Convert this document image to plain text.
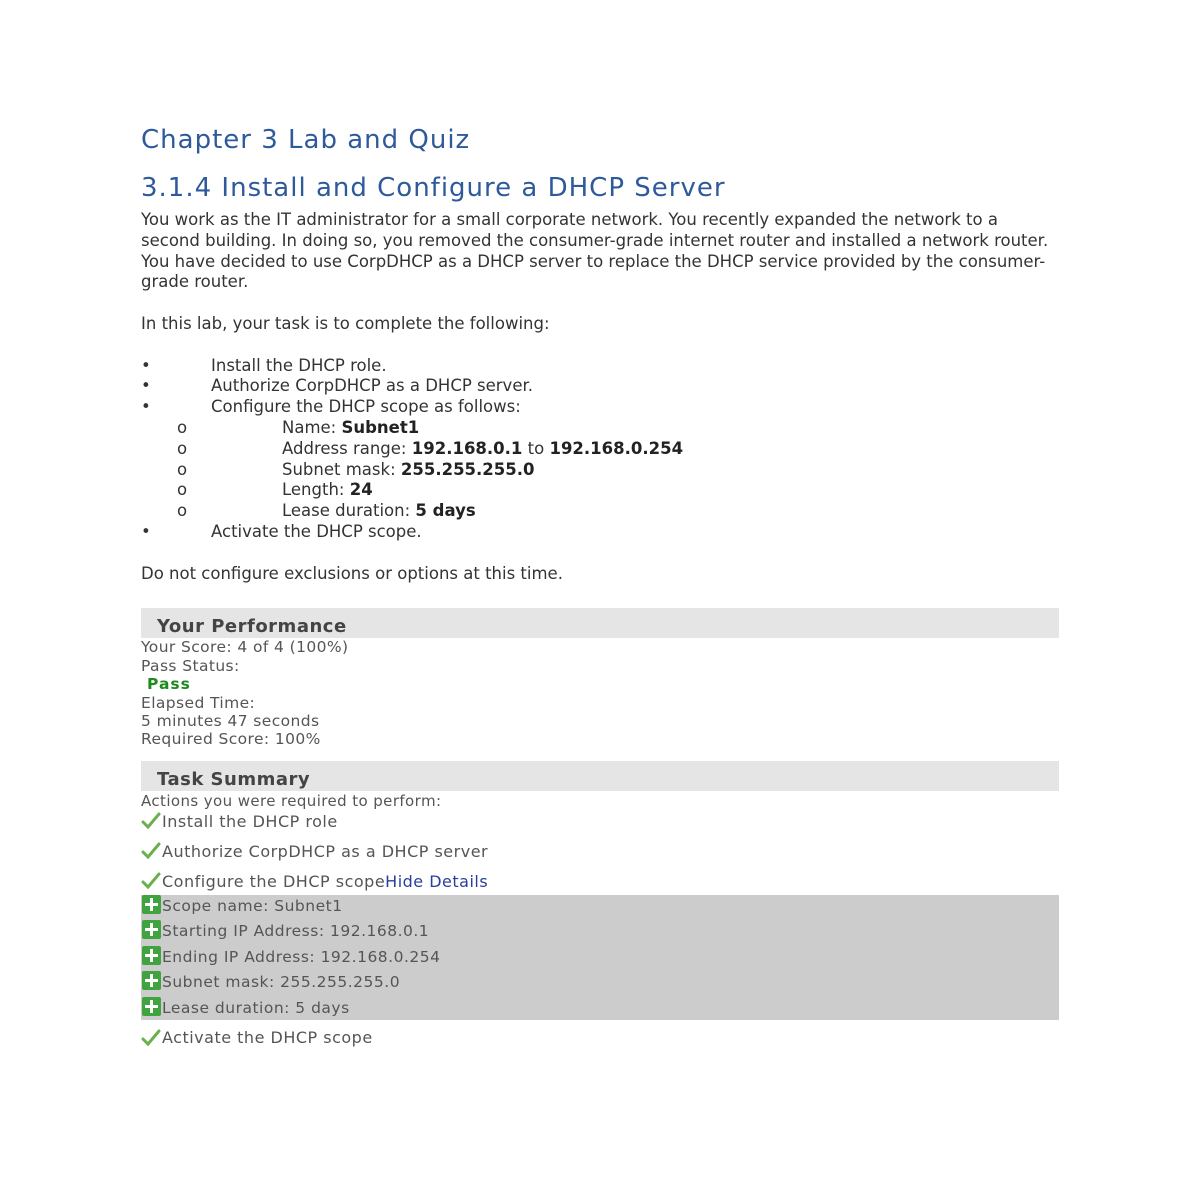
Chapter 3 Lab and Quiz
3.1.4 Install and Configure a DHCP Server

You work as the IT administrator for a small corporate network. You recently expanded the network to a second building. In doing so, you removed the consumer-grade internet router and installed a network router. You have decided to use CorpDHCP as a DHCP server to replace the DHCP service provided by the consumer-grade router.

In this lab, your task is to complete the following:

•	Install the DHCP role.
•	Authorize CorpDHCP as a DHCP server.
•	Configure the DHCP scope as follows:
o	Name: Subnet1
o	Address range: 192.168.0.1 to 192.168.0.254
o	Subnet mask: 255.255.255.0
o	Length: 24
o	Lease duration: 5 days
•	Activate the DHCP scope.

Do not configure exclusions or options at this time.

Your Performance
Your Score: 4 of 4 (100%)
Pass Status:
Pass
Elapsed Time:
5 minutes 47 seconds
Required Score: 100%
Task Summary
Actions you were required to perform:
Install the DHCP role
Authorize CorpDHCP as a DHCP server
Configure the DHCP scopeHide Details
Scope name: Subnet1
Starting IP Address: 192.168.0.1
Ending IP Address: 192.168.0.254
Subnet mask: 255.255.255.0
Lease duration: 5 days
Activate the DHCP scope
